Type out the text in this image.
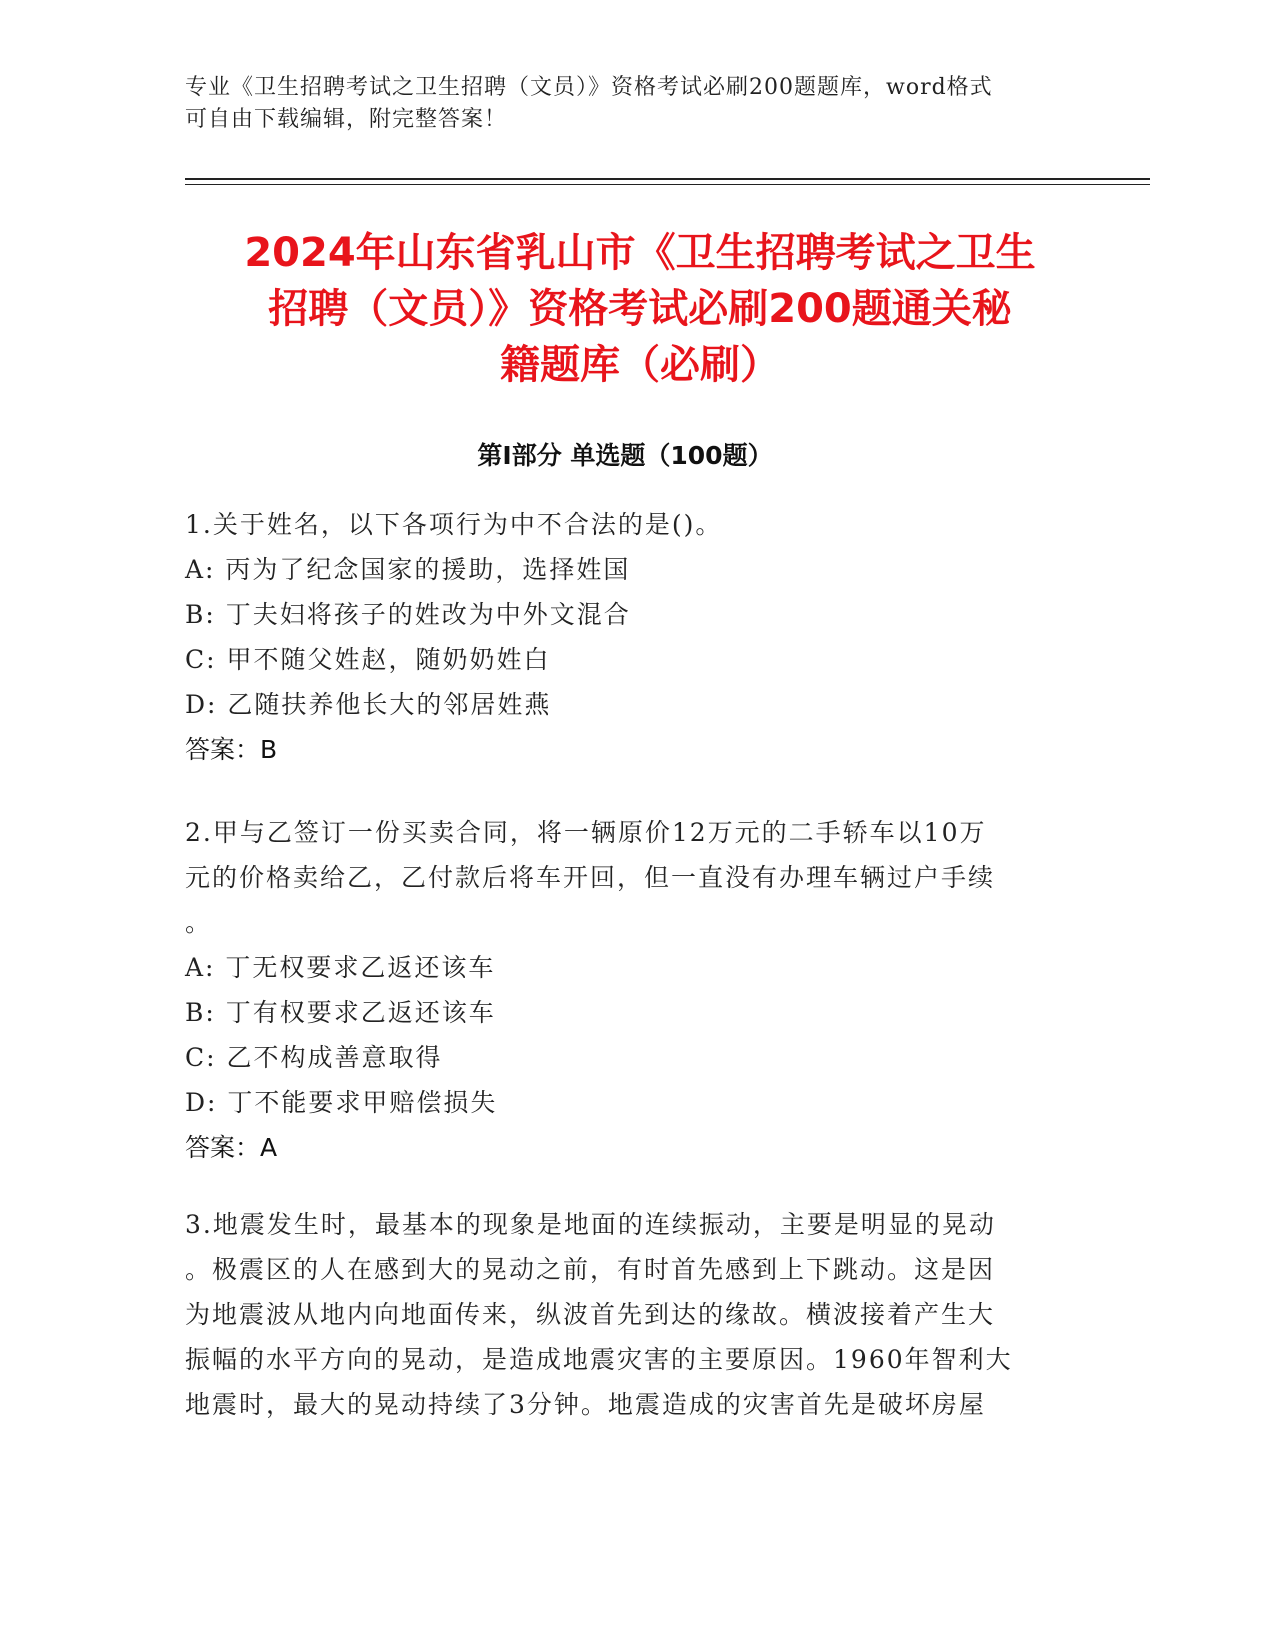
专业《卫生招聘考试之卫生招聘（文员）》资格考试必刷200题题库，word格式
可自由下载编辑，附完整答案！
2024年山东省乳山市《卫生招聘考试之卫生
招聘（文员）》资格考试必刷200题通关秘
籍题库（必刷）
第Ⅰ部分 单选题（100题）
1.关于姓名，以下各项行为中不合法的是()。
A: 丙为了纪念国家的援助，选择姓国
B: 丁夫妇将孩子的姓改为中外文混合
C: 甲不随父姓赵，随奶奶姓白
D: 乙随扶养他长大的邻居姓燕
答案：B
2.甲与乙签订一份买卖合同，将一辆原价12万元的二手轿车以10万
元的价格卖给乙，乙付款后将车开回，但一直没有办理车辆过户手续
。
A: 丁无权要求乙返还该车
B: 丁有权要求乙返还该车
C: 乙不构成善意取得
D: 丁不能要求甲赔偿损失
答案：A
3.地震发生时，最基本的现象是地面的连续振动，主要是明显的晃动
。极震区的人在感到大的晃动之前，有时首先感到上下跳动。这是因
为地震波从地内向地面传来，纵波首先到达的缘故。横波接着产生大
振幅的水平方向的晃动，是造成地震灾害的主要原因。1960年智利大
地震时，最大的晃动持续了3分钟。地震造成的灾害首先是破坏房屋
